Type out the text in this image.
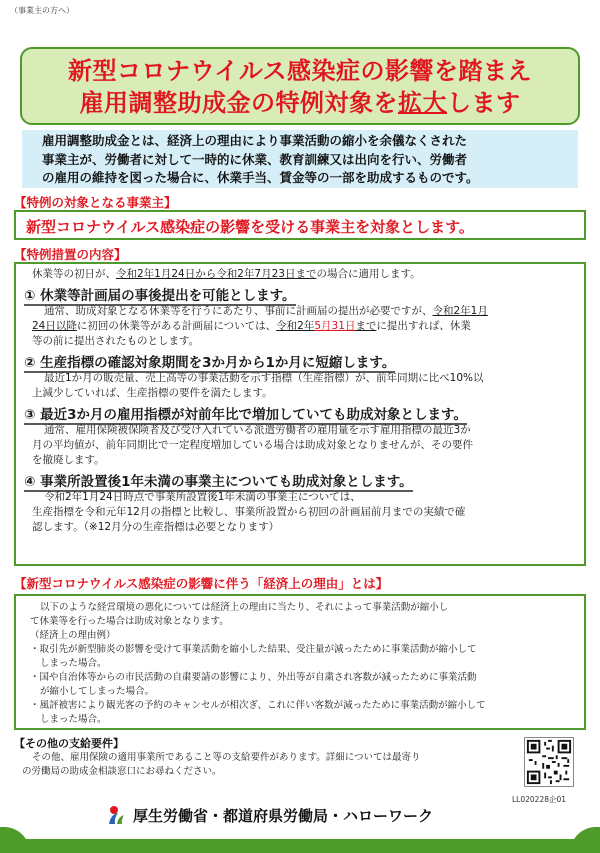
（事業主の方へ）
新型コロナウイルス感染症の影響を踏まえ
雇用調整助成金の特例対象を拡大します

雇用調整助成金とは、経済上の理由により事業活動の縮小を余儀なくされた

事業主が、労働者に対して一時的に休業、教育訓練又は出向を行い、労働者

の雇用の維持を図った場合に、休業手当、賃金等の一部を助成するものです。

【特例の対象となる事業主】
新型コロナウイルス感染症の影響を受ける事業主を対象とします。
【特例措置の内容】

休業等の初日が、令和2年1月24日から令和2年7月23日までの場合に適用します。

① 休業等計画届の事後提出を可能とします。

通常、助成対象となる休業等を行うにあたり、事前に計画届の提出が必要ですが、令和2年1月

24日以降に初回の休業等がある計画届については、令和2年5月31日までに提出すれば、休業

等の前に提出されたものとします。

② 生産指標の確認対象期間を3か月から1か月に短縮します。

最近1か月の販売量、売上高等の事業活動を示す指標（生産指標）が、前年同期に比べ10%以

上減少していれば、生産指標の要件を満たします。

③ 最近3か月の雇用指標が対前年比で増加していても助成対象とします。

通常、雇用保険被保険者及び受け入れている派遣労働者の雇用量を示す雇用指標の最近3か

月の平均値が、前年同期比で一定程度増加している場合は助成対象となりませんが、その要件

を撤廃します。

④ 事業所設置後1年未満の事業主についても助成対象とします。

令和2年1月24日時点で事業所設置後1年未満の事業主については、

生産指標を令和元年12月の指標と比較し、事業所設置から初回の計画届前月までの実績で確

認します。（※12月分の生産指標は必要となります）

【新型コロナウイルス感染症の影響に伴う「経済上の理由」とは】

以下のような経営環境の悪化については経済上の理由に当たり、それによって事業活動が縮小し

て休業等を行った場合は助成対象となります。

（経済上の理由例）

・取引先が新型肺炎の影響を受けて事業活動を縮小した結果、受注量が減ったために事業活動が縮小して

しまった場合。

・国や自治体等からの市民活動の自粛要請の影響により、外出等が自粛され客数が減ったために事業活動

が縮小してしまった場合。

・風評被害により観光客の予約のキャンセルが相次ぎ、これに伴い客数が減ったために事業活動が縮小して

しまった場合。

【その他の支給要件】

その他、雇用保険の適用事業所であること等の支給要件があります。詳細については最寄り

の労働局の助成金相談窓口にお尋ねください。

LL020228企01
厚生労働省・都道府県労働局・ハローワーク
